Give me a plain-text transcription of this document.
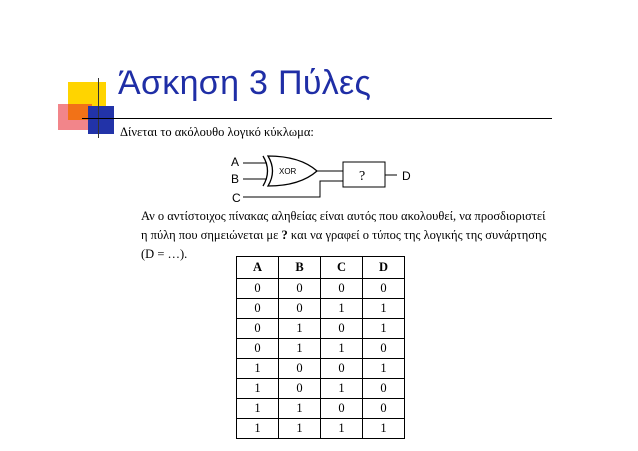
Άσκηση 3 Πύλες
Δίνεται το ακόλουθο λογικό κύκλωμα:
A
B
C
XOR	?	D

Αν ο αντίστοιχος πίνακας αληθείας είναι αυτός που ακολουθεί, να προσδιοριστεί

η πύλη που σημειώνεται με ? και να γραφεί ο τύπος της λογικής της συνάρτησης

(D = …).

A	B	C	D
0	0	0	0
0	0	1	1
0	1	0	1
0	1	1	0
1	0	0	1
1	0	1	0
1	1	0	0
1	1	1	1
